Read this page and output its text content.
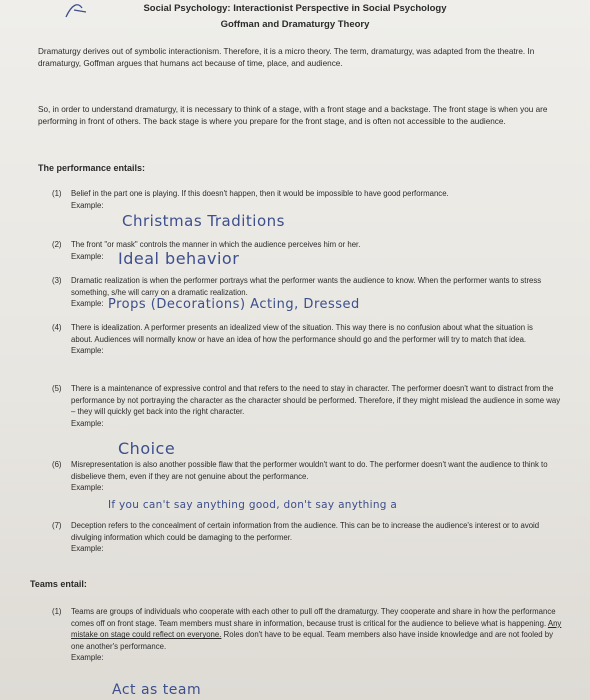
Social Psychology: Interactionist Perspective in Social Psychology
Goffman and Dramaturgy Theory
Dramaturgy derives out of symbolic interactionism. Therefore, it is a micro theory. The term, dramaturgy, was adapted from the theatre. In dramaturgy, Goffman argues that humans act because of time, place, and audience.
So, in order to understand dramaturgy, it is necessary to think of a stage, with a front stage and a backstage. The front stage is when you are performing in front of others. The back stage is where you prepare for the front stage, and is often not accessible to the audience.
The performance entails:
(1) Belief in the part one is playing. If this doesn't happen, then it would be impossible to have good performance.
Example:
Christmas Traditions
(2) The front "or mask" controls the manner in which the audience perceives him or her.
Example: Ideal behavior
(3) Dramatic realization is when the performer portrays what the performer wants the audience to know. When the performer wants to stress something, s/he will carry on a dramatic realization.
Example: Props (Decorations) Acting, Dressed
(4) There is idealization. A performer presents an idealized view of the situation. This way there is no confusion about what the situation is about. Audiences will normally know or have an idea of how the performance should go and the performer will try to match that idea.
Example:
(5) There is a maintenance of expressive control and that refers to the need to stay in character. The performer doesn't want to distract from the performance by not portraying the character as the character should be performed. Therefore, if they might mislead the audience in some way – they will quickly get back into the right character.
Example:
Choice
(6) Misrepresentation is also another possible flaw that the performer wouldn't want to do. The performer doesn't want the audience to think to disbelieve them, even if they are not genuine about the performance.
Example:
If you can't say anything good, don't say anything a
(7) Deception refers to the concealment of certain information from the audience. This can be to increase the audience's interest or to avoid divulging information which could be damaging to the performer.
Example:
Teams entail:
(1) Teams are groups of individuals who cooperate with each other to pull off the dramaturgy. They cooperate and share in how the performance comes off on front stage. Team members must share in information, because trust is critical for the audience to believe what is happening. Any mistake on stage could reflect on everyone. Roles don't have to be equal. Team members also have inside knowledge and are not fooled by one another's performance.
Example:
Act as team
